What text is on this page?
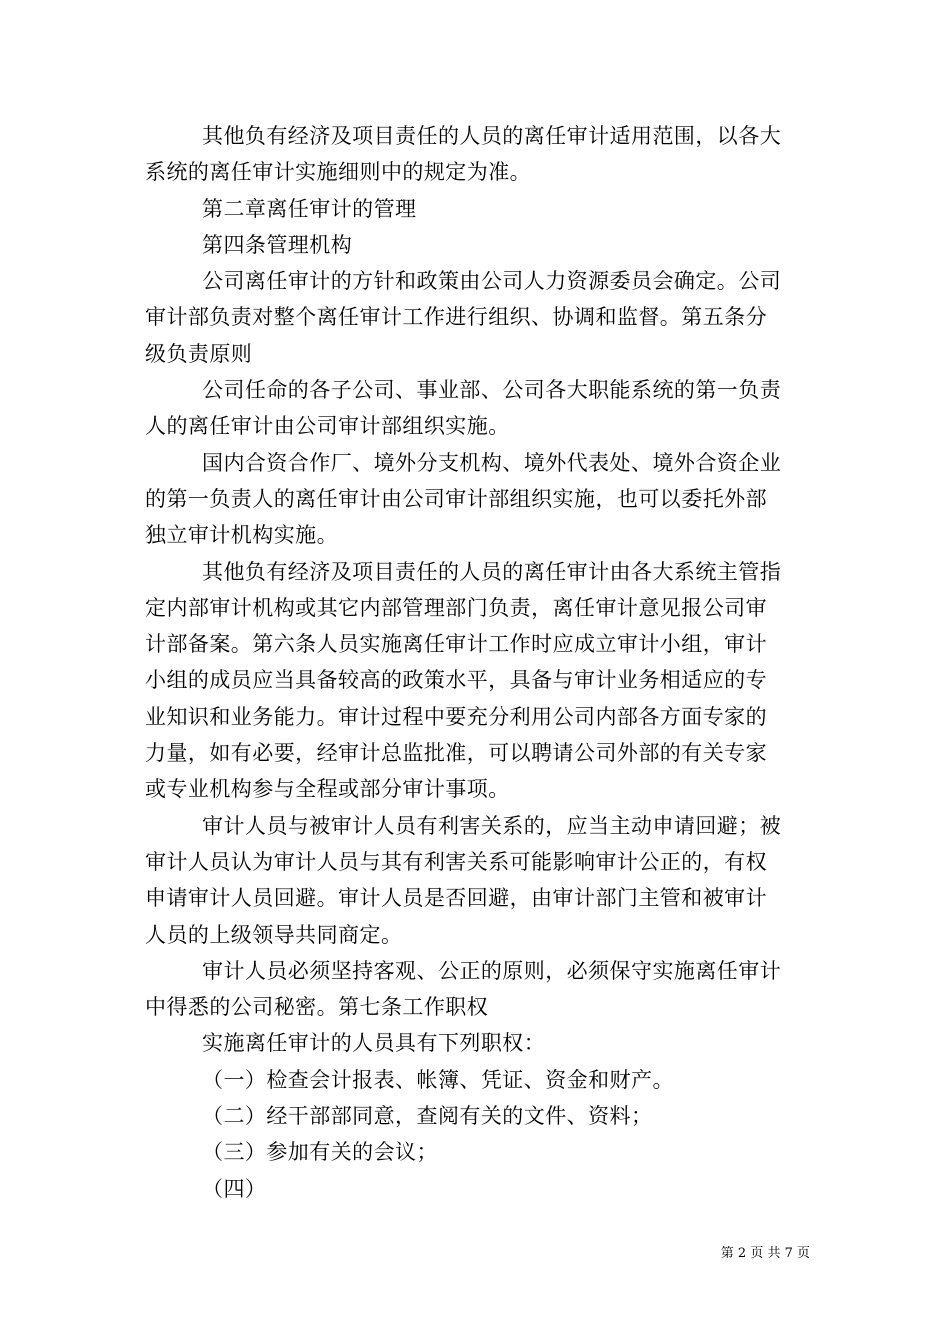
其他负有经济及项目责任的人员的离任审计适用范围，以各大
系统的离任审计实施细则中的规定为准。
第二章离任审计的管理
第四条管理机构
公司离任审计的方针和政策由公司人力资源委员会确定。公司
审计部负责对整个离任审计工作进行组织、协调和监督。第五条分
级负责原则
公司任命的各子公司、事业部、公司各大职能系统的第一负责
人的离任审计由公司审计部组织实施。
国内合资合作厂、境外分支机构、境外代表处、境外合资企业
的第一负责人的离任审计由公司审计部组织实施，也可以委托外部
独立审计机构实施。
其他负有经济及项目责任的人员的离任审计由各大系统主管指
定内部审计机构或其它内部管理部门负责，离任审计意见报公司审
计部备案。第六条人员实施离任审计工作时应成立审计小组，审计
小组的成员应当具备较高的政策水平，具备与审计业务相适应的专
业知识和业务能力。审计过程中要充分利用公司内部各方面专家的
力量，如有必要，经审计总监批准，可以聘请公司外部的有关专家
或专业机构参与全程或部分审计事项。
审计人员与被审计人员有利害关系的，应当主动申请回避；被
审计人员认为审计人员与其有利害关系可能影响审计公正的，有权
申请审计人员回避。审计人员是否回避，由审计部门主管和被审计
人员的上级领导共同商定。
审计人员必须坚持客观、公正的原则，必须保守实施离任审计
中得悉的公司秘密。第七条工作职权
实施离任审计的人员具有下列职权：
（一）检查会计报表、帐簿、凭证、资金和财产。
（二）经干部部同意，查阅有关的文件、资料；
（三）参加有关的会议；
（四）
第 2 页 共 7 页
